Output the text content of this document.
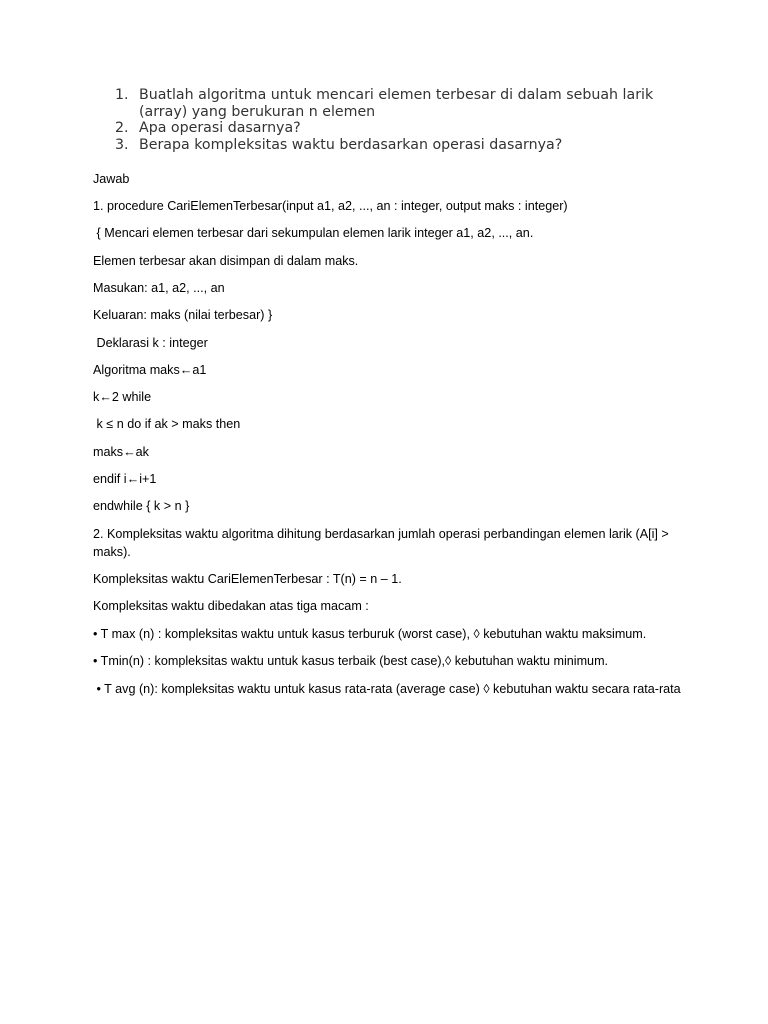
1. Buatlah algoritma untuk mencari elemen terbesar di dalam sebuah larik (array) yang berukuran n elemen
2. Apa operasi dasarnya?
3. Berapa kompleksitas waktu berdasarkan operasi dasarnya?

Jawab

1. procedure CariElemenTerbesar(input a1, a2, ..., an : integer, output maks : integer)

{ Mencari elemen terbesar dari sekumpulan elemen larik integer a1, a2, ..., an.

Elemen terbesar akan disimpan di dalam maks.

Masukan: a1, a2, ..., an

Keluaran: maks (nilai terbesar) }

Deklarasi k : integer

Algoritma maks←a1

k←2 while

k ≤ n do if ak > maks then

maks←ak

endif i←i+1

endwhile { k > n }

2. Kompleksitas waktu algoritma dihitung berdasarkan jumlah operasi perbandingan elemen larik (A[i] > maks).

Kompleksitas waktu CariElemenTerbesar : T(n) = n – 1.

Kompleksitas waktu dibedakan atas tiga macam :

• T max (n) : kompleksitas waktu untuk kasus terburuk (worst case), ◊ kebutuhan waktu maksimum.

• Tmin(n) : kompleksitas waktu untuk kasus terbaik (best case),◊ kebutuhan waktu minimum.

• T avg (n): kompleksitas waktu untuk kasus rata-rata (average case) ◊ kebutuhan waktu secara rata-rata
